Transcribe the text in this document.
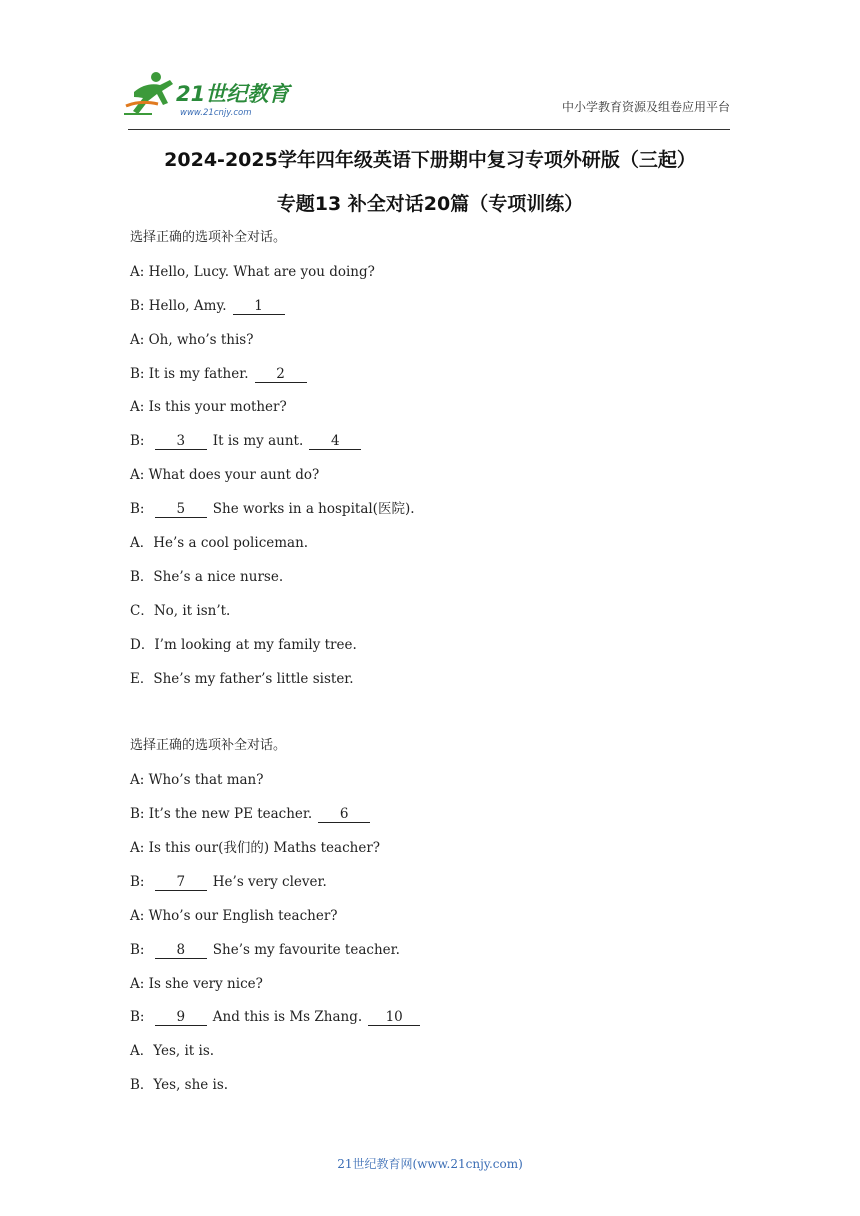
21世纪教育
www.21cnjy.com	中小学教育资源及组卷应用平台
2024-2025学年四年级英语下册期中复习专项外研版（三起）
专题13 补全对话20篇（专项训练）
选择正确的选项补全对话。
A: Hello, Lucy. What are you doing?
B: Hello, Amy. 1
A: Oh, who’s this?
B: It is my father. 2
A: Is this your mother?
B: 3 It is my aunt. 4
A: What does your aunt do?
B: 5 She works in a hospital(医院).
A．He’s a cool policeman.
B．She’s a nice nurse.
C．No, it isn’t.
D．I’m looking at my family tree.
E．She’s my father’s little sister.
选择正确的选项补全对话。
A: Who’s that man?
B: It’s the new PE teacher. 6
A: Is this our(我们的) Maths teacher?
B: 7 He’s very clever.
A: Who’s our English teacher?
B: 8 She’s my favourite teacher.
A: Is she very nice?
B: 9 And this is Ms Zhang. 10
A．Yes, it is.
B．Yes, she is.
21世纪教育网(www.21cnjy.com)
